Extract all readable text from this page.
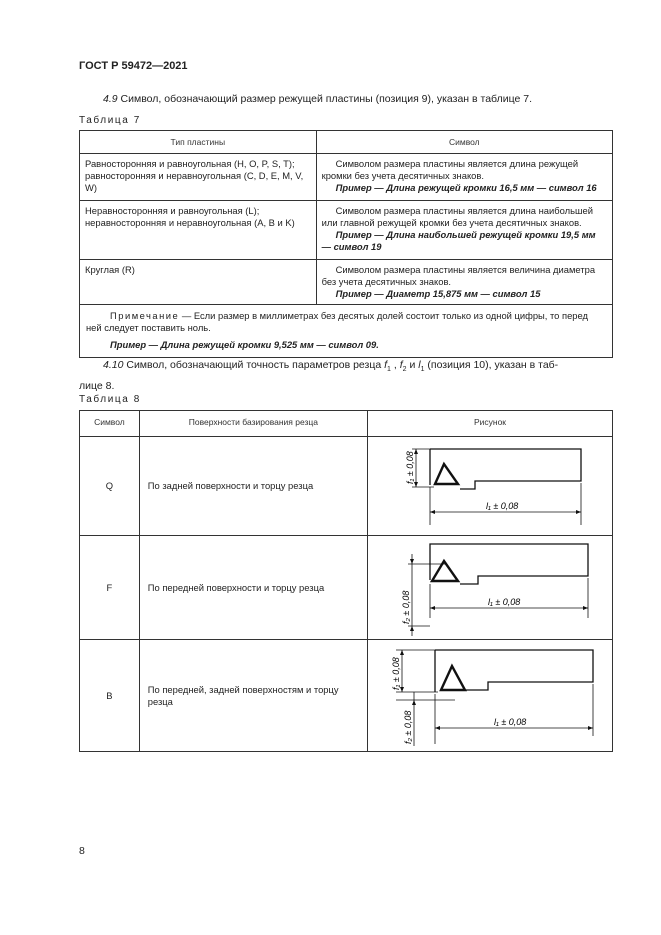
ГОСТ Р 59472—2021
4.9 Символ, обозначающий размер режущей пластины (позиция 9), указан в таблице 7.
Таблица 7
Тип пластины	Символ
Равносторонняя и равноугольная (H, O, P, S, T); равносторонняя и неравноугольная (C, D, E, M, V, W)	Символом размера пластины является длина режущей кромки без учета десятичных знаков.
Пример — Длина режущей кромки 16,5 мм — символ 16

Неравносторонняя и равноугольная (L); неравносторонняя и неравноугольная (A, B и K)	Символом размера пластины является длина наибольшей или главной режущей кромки без учета десятичных знаков.
Пример — Длина наибольшей режущей кромки 19,5 мм — символ 19

Круглая (R)	Символом размера пластины является величина диаметра без учета десятичных знаков.
Пример — Диаметр 15,875 мм — символ 15

Примечание — Если размер в миллиметрах без десятых долей состоит только из одной цифры, то перед ней следует поставить ноль.
Пример — Длина режущей кромки 9,525 мм — символ 09.	
4.10 Символ, обозначающий точность параметров резца $f_1$ , $f_2$ и $l_1$ (позиция 10), указан в таб-
лице 8.
Таблица 8
Символ	Поверхности базирования резца	Рисунок
Q	По задней поверхности и торцу резца	f₁ ± 0,08
l₁ ± 0,08

F	По передней поверхности и торцу резца	f₂ ± 0,08 l₁ ± 0,08

B	По передней, задней поверхностям и торцу резца	f₁ ± 0,08
f₂ ± 0,08 l₁ ± 0,08
8
